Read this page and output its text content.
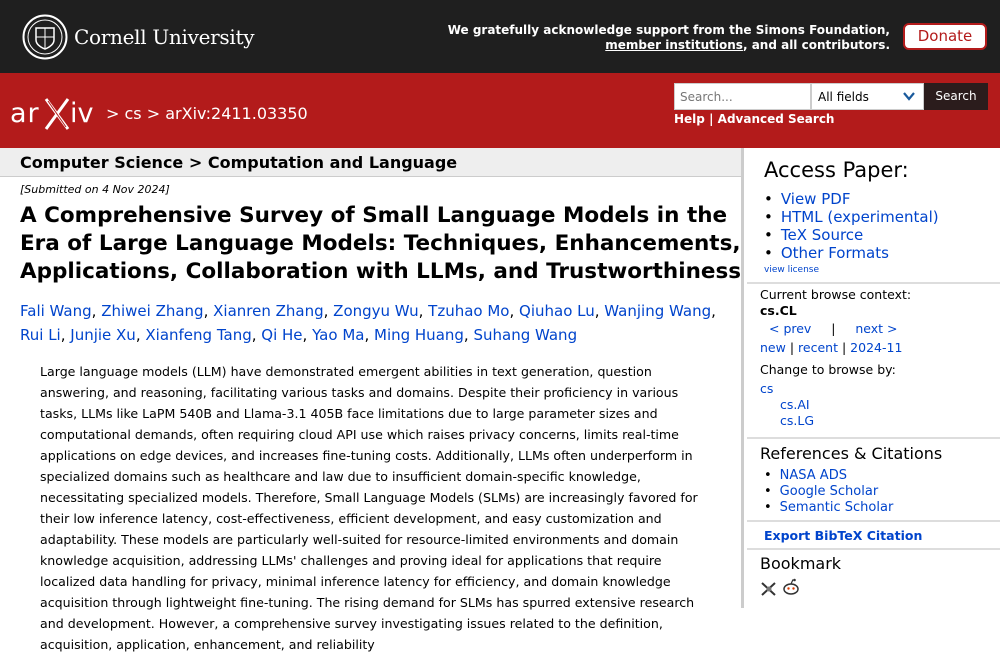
Cornell University	We gratefully acknowledge support from the Simons Foundation,
member institutions, and all contributors.	Donate
ar iv > cs > arXiv:2411.03350
Search...	All fields	Search
Help | Advanced Search
Computer Science > Computation and Language
[Submitted on 4 Nov 2024]
A Comprehensive Survey of Small Language Models in the Era of Large Language Models: Techniques, Enhancements, Applications, Collaboration with LLMs, and Trustworthiness
Fali Wang, Zhiwei Zhang, Xianren Zhang, Zongyu Wu, Tzuhao Mo, Qiuhao Lu, Wanjing Wang, Rui Li, Junjie Xu, Xianfeng Tang, Qi He, Yao Ma, Ming Huang, Suhang Wang
Large language models (LLM) have demonstrated emergent abilities in text generation, question answering, and reasoning, facilitating various tasks and domains. Despite their proficiency in various tasks, LLMs like LaPM 540B and Llama-3.1 405B face limitations due to large parameter sizes and computational demands, often requiring cloud API use which raises privacy concerns, limits real-time applications on edge devices, and increases fine-tuning costs. Additionally, LLMs often underperform in specialized domains such as healthcare and law due to insufficient domain-specific knowledge, necessitating specialized models. Therefore, Small Language Models (SLMs) are increasingly favored for their low inference latency, cost-effectiveness, efficient development, and easy customization and adaptability. These models are particularly well-suited for resource-limited environments and domain knowledge acquisition, addressing LLMs' challenges and proving ideal for applications that require localized data handling for privacy, minimal inference latency for efficiency, and domain knowledge acquisition through lightweight fine-tuning. The rising demand for SLMs has spurred extensive research and development. However, a comprehensive survey investigating issues related to the definition, acquisition, application, enhancement, and reliability
Access Paper:
• View PDF
• HTML (experimental)
• TeX Source
• Other Formats
view license
Current browse context:
cs.CL
< prev | next >
new | recent | 2024-11
Change to browse by:
cs
cs.AI
cs.LG
References & Citations
• NASA ADS
• Google Scholar
• Semantic Scholar
Export BibTeX Citation
Bookmark
